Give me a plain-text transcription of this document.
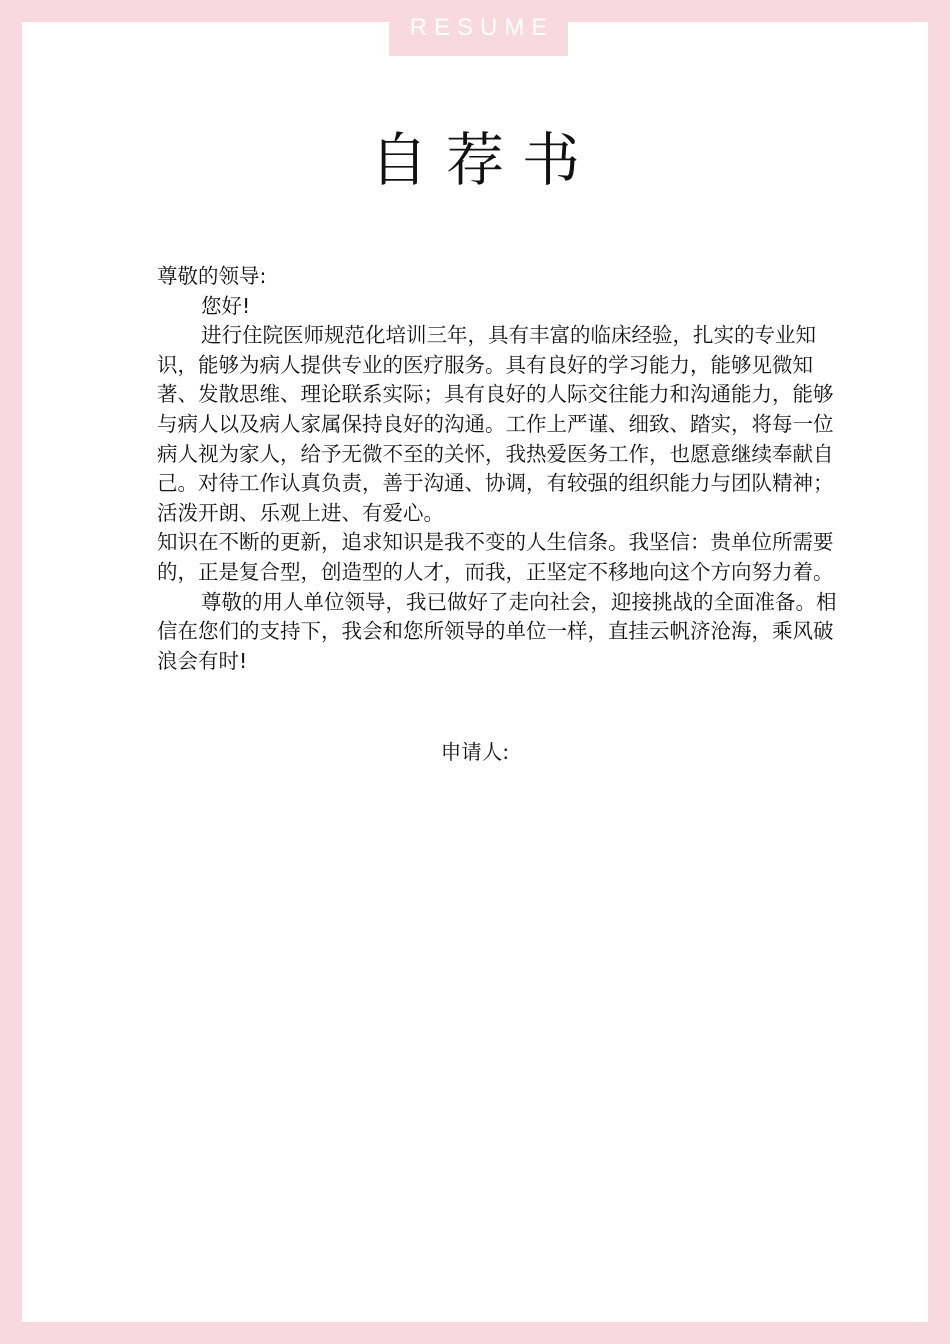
RESUME
自荐书

尊敬的领导:

您好!

进行住院医师规范化培训三年，具有丰富的临床经验，扎实的专业知识，能够为病人提供专业的医疗服务。具有良好的学习能力，能够见微知著、发散思维、理论联系实际；具有良好的人际交往能力和沟通能力，能够与病人以及病人家属保持良好的沟通。工作上严谨、细致、踏实，将每一位病人视为家人，给予无微不至的关怀，我热爱医务工作，也愿意继续奉献自己。对待工作认真负责，善于沟通、协调，有较强的组织能力与团队精神；活泼开朗、乐观上进、有爱心。

知识在不断的更新，追求知识是我不变的人生信条。我坚信：贵单位所需要的，正是复合型，创造型的人才，而我，正坚定不移地向这个方向努力着。

尊敬的用人单位领导，我已做好了走向社会，迎接挑战的全面准备。相信在您们的支持下，我会和您所领导的单位一样，直挂云帆济沧海，乘风破浪会有时!

申请人:
